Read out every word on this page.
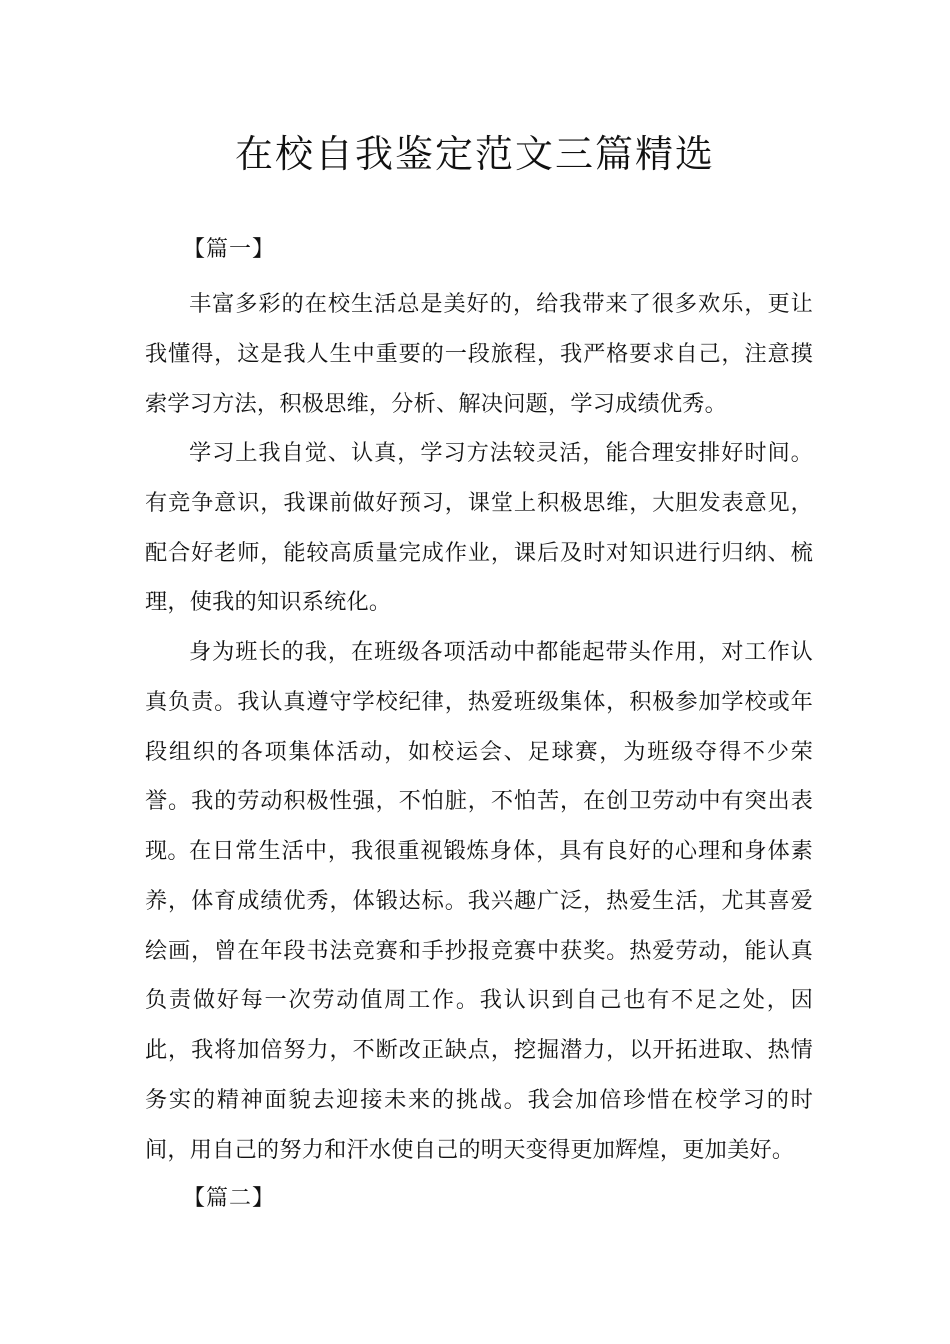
在校自我鉴定范文三篇精选
【篇一】
丰富多彩的在校生活总是美好的，给我带来了很多欢乐，更让我懂得，这是我人生中重要的一段旅程，我严格要求自己，注意摸索学习方法，积极思维，分析、解决问题，学习成绩优秀。
学习上我自觉、认真，学习方法较灵活，能合理安排好时间。有竞争意识，我课前做好预习，课堂上积极思维，大胆发表意见，配合好老师，能较高质量完成作业，课后及时对知识进行归纳、梳理，使我的知识系统化。
身为班长的我，在班级各项活动中都能起带头作用，对工作认真负责。我认真遵守学校纪律，热爱班级集体，积极参加学校或年段组织的各项集体活动，如校运会、足球赛，为班级夺得不少荣誉。我的劳动积极性强，不怕脏，不怕苦，在创卫劳动中有突出表现。 在日常生活中，我很重视锻炼身体，具有良好的心理和身体素养，体育成绩优秀，体锻达标。我兴趣广泛，热爱生活，尤其喜爱绘画，曾在年段书法竞赛和手抄报竞赛中获奖。热爱劳动，能认真负责做好每一次劳动值周工作。我认识到自己也有不足之处，因此，我将加倍努力，不断改正缺点，挖掘潜力，以开拓进取、热情务实的精神面貌去迎接未来的挑战。我会加倍珍惜在校学习的时间，用自己的努力和汗水使自己的明天变得更加辉煌，更加美好。
【篇二】
